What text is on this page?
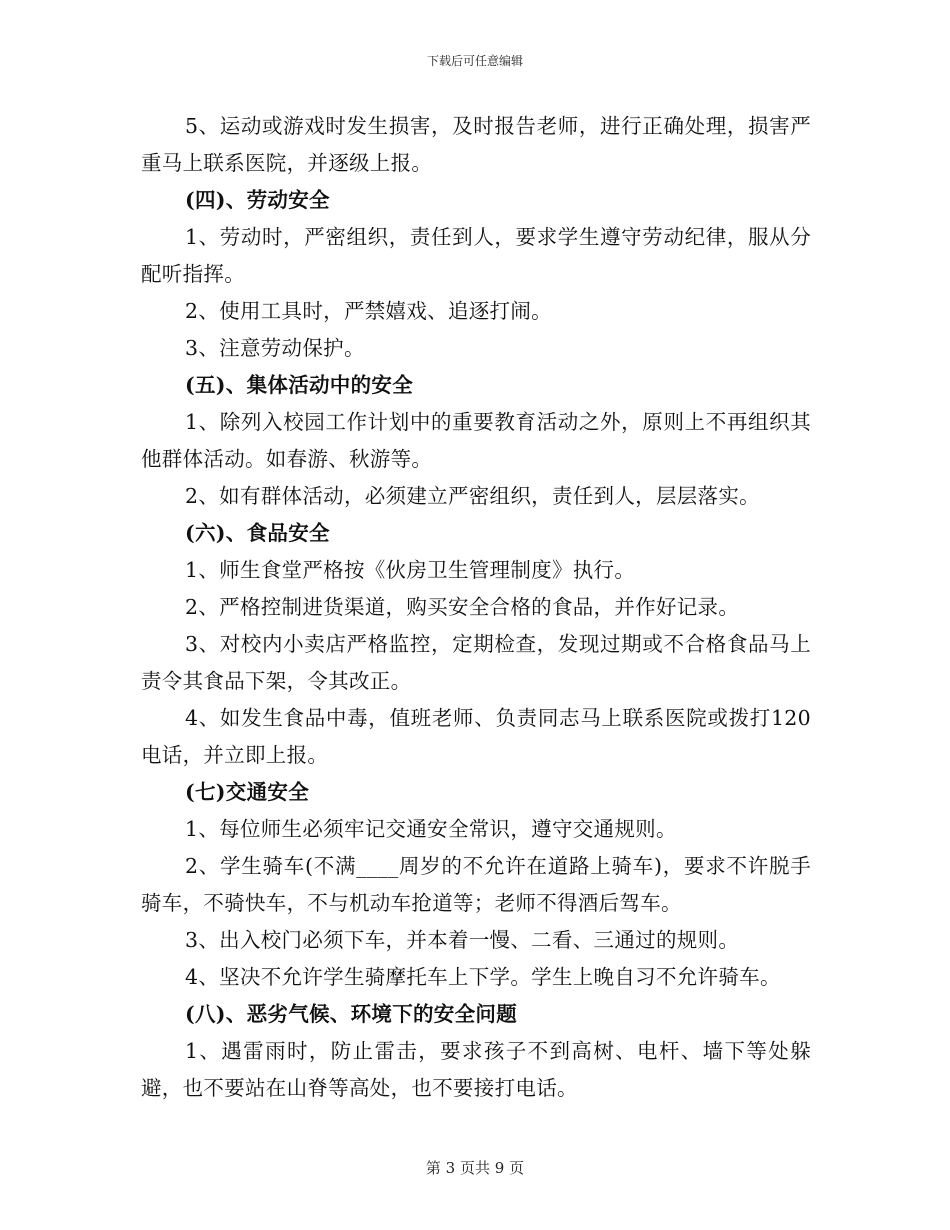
下载后可任意编辑

5、运动或游戏时发生损害，及时报告老师，进行正确处理，损害严重马上联系医院，并逐级上报。

(四)、劳动安全

1、劳动时，严密组织，责任到人，要求学生遵守劳动纪律，服从分配听指挥。

2、使用工具时，严禁嬉戏、追逐打闹。

3、注意劳动保护。

(五)、集体活动中的安全

1、除列入校园工作计划中的重要教育活动之外，原则上不再组织其他群体活动。如春游、秋游等。

2、如有群体活动，必须建立严密组织，责任到人，层层落实。

(六)、食品安全

1、师生食堂严格按《伙房卫生管理制度》执行。

2、严格控制进货渠道，购买安全合格的食品，并作好记录。

3、对校内小卖店严格监控，定期检查，发现过期或不合格食品马上责令其食品下架，令其改正。

4、如发生食品中毒，值班老师、负责同志马上联系医院或拨打120电话，并立即上报。

(七)交通安全

1、每位师生必须牢记交通安全常识，遵守交通规则。

2、学生骑车(不满____周岁的不允许在道路上骑车)，要求不许脱手骑车，不骑快车，不与机动车抢道等；老师不得酒后驾车。

3、出入校门必须下车，并本着一慢、二看、三通过的规则。

4、坚决不允许学生骑摩托车上下学。学生上晚自习不允许骑车。

(八)、恶劣气候、环境下的安全问题

1、遇雷雨时，防止雷击，要求孩子不到高树、电杆、墙下等处躲避，也不要站在山脊等高处，也不要接打电话。

第 3 页共 9 页
